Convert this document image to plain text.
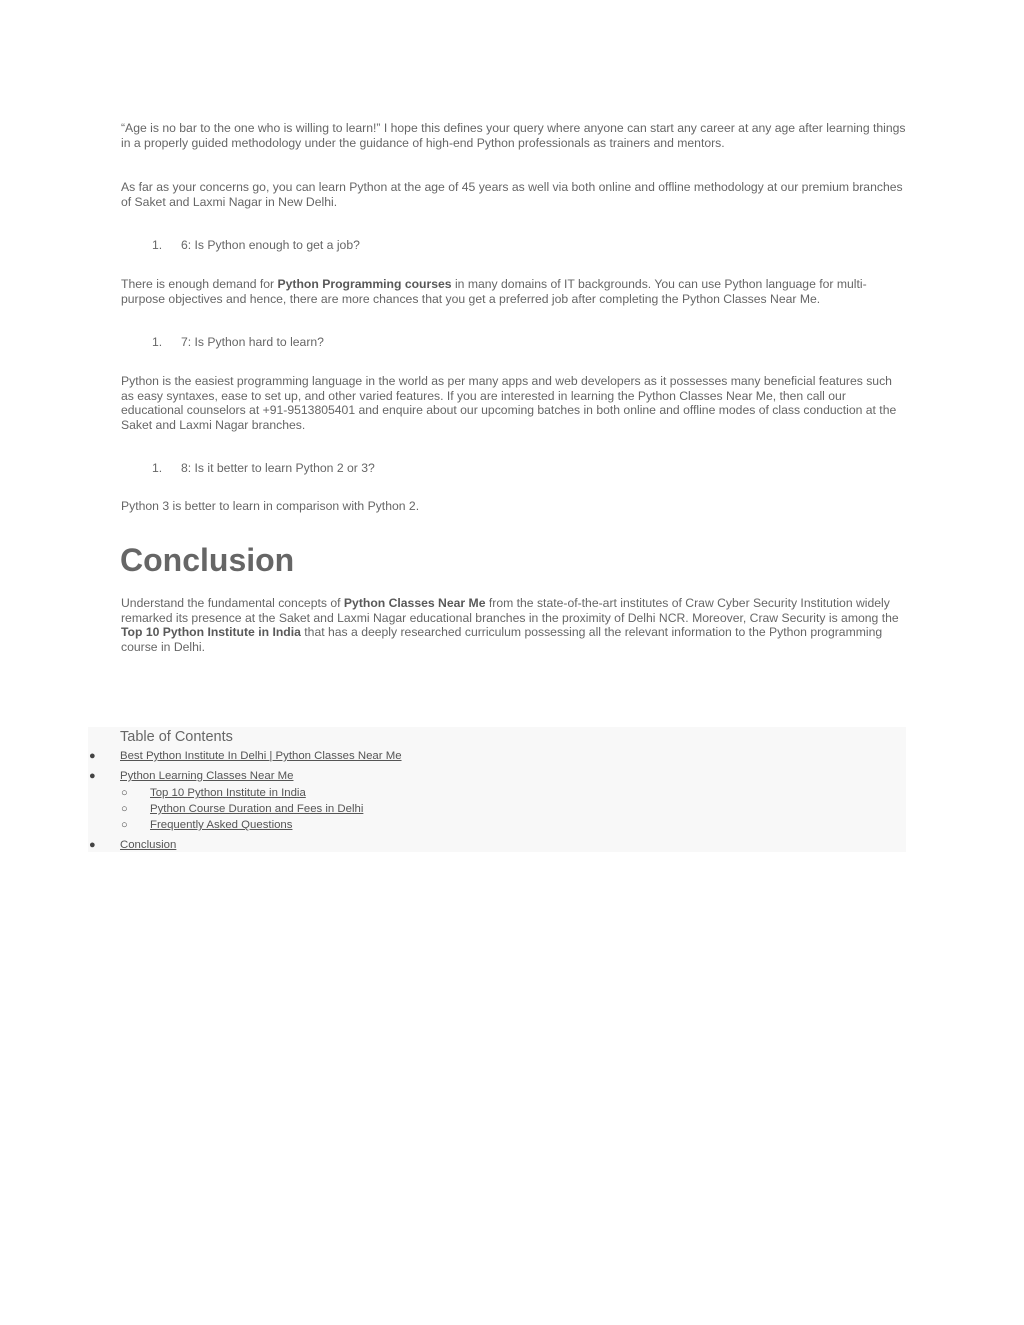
“Age is no bar to the one who is willing to learn!” I hope this defines your query where anyone can start any career at any age after learning things in a properly guided methodology under the guidance of high-end Python professionals as trainers and mentors.

As far as your concerns go, you can learn Python at the age of 45 years as well via both online and offline methodology at our premium branches of Saket and Laxmi Nagar in New Delhi.

1. 6: Is Python enough to get a job?

There is enough demand for Python Programming courses in many domains of IT backgrounds. You can use Python language for multi-purpose objectives and hence, there are more chances that you get a preferred job after completing the Python Classes Near Me.

1. 7: Is Python hard to learn?

Python is the easiest programming language in the world as per many apps and web developers as it possesses many beneficial features such as easy syntaxes, ease to set up, and other varied features. If you are interested in learning the Python Classes Near Me, then call our educational counselors at +91-9513805401 and enquire about our upcoming batches in both online and offline modes of class conduction at the Saket and Laxmi Nagar branches.

1. 8: Is it better to learn Python 2 or 3?

Python 3 is better to learn in comparison with Python 2.

Conclusion

Understand the fundamental concepts of Python Classes Near Me from the state-of-the-art institutes of Craw Cyber Security Institution widely remarked its presence at the Saket and Laxmi Nagar educational branches in the proximity of Delhi NCR. Moreover, Craw Security is among the Top 10 Python Institute in India that has a deeply researched curriculum possessing all the relevant information to the Python programming course in Delhi.

Table of Contents

● Best Python Institute In Delhi | Python Classes Near Me
● Python Learning Classes Near Me
○ Top 10 Python Institute in India
○ Python Course Duration and Fees in Delhi
○ Frequently Asked Questions
● Conclusion
